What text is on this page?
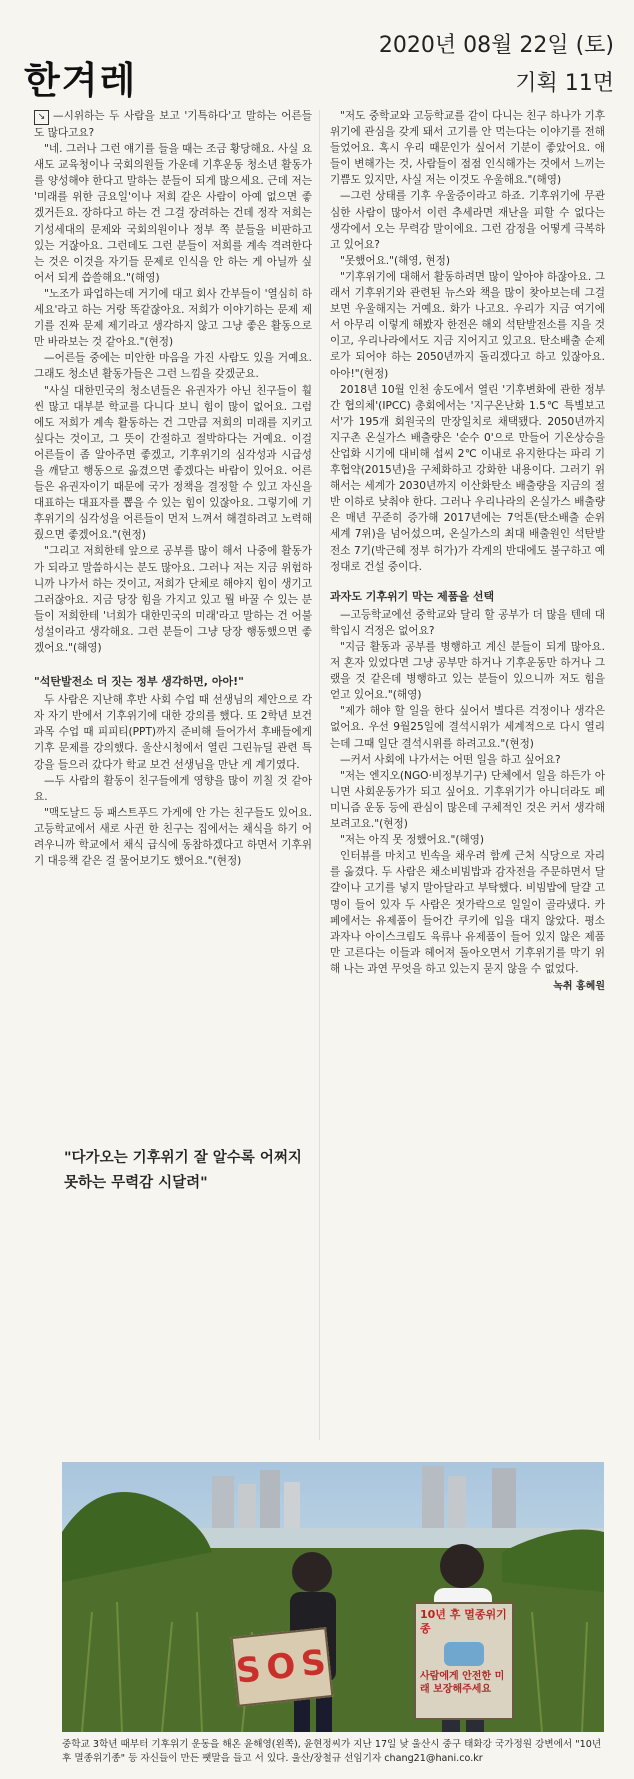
한겨레
2020년 08월 22일 (토)
기획 11면

↘ —시위하는 두 사람을 보고 '기특하다'고 말하는 어른들도 많다고요?

"네. 그러나 그런 얘기를 들을 때는 조금 황당해요. 사실 요새도 교육청이나 국회의원들 가운데 기후운동 청소년 활동가를 양성해야 한다고 말하는 분들이 되게 많으세요. 근데 저는 '미래를 위한 금요일'이나 저희 같은 사람이 아예 없으면 좋겠거든요. 장하다고 하는 건 그걸 장려하는 건데 정작 저희는 기성세대의 문제와 국회의원이나 정부 쪽 분들을 비판하고 있는 거잖아요. 그런데도 그런 분들이 저희를 계속 격려한다는 것은 이것을 자기들 문제로 인식을 안 하는 게 아닐까 싶어서 되게 씁쓸해요."(해영)

"노조가 파업하는데 거기에 대고 회사 간부들이 '열심히 하세요'라고 하는 거랑 똑같잖아요. 저희가 이야기하는 문제 제기를 진짜 문제 제기라고 생각하지 않고 그냥 좋은 활동으로만 바라보는 것 같아요."(현정)

—어른들 중에는 미안한 마음을 가진 사람도 있을 거예요. 그래도 청소년 활동가들은 그런 느낌을 갖겠군요.

"사실 대한민국의 청소년들은 유권자가 아닌 친구들이 훨씬 많고 대부분 학교를 다니다 보니 힘이 많이 없어요. 그럼에도 저희가 계속 활동하는 건 그만큼 저희의 미래를 지키고 싶다는 것이고, 그 뜻이 간절하고 절박하다는 거예요. 이걸 어른들이 좀 알아주면 좋겠고, 기후위기의 심각성과 시급성을 깨닫고 행동으로 옮겼으면 좋겠다는 바람이 있어요. 어른들은 유권자이기 때문에 국가 정책을 결정할 수 있고 자신을 대표하는 대표자를 뽑을 수 있는 힘이 있잖아요. 그렇기에 기후위기의 심각성을 어른들이 먼저 느껴서 해결하려고 노력해줬으면 좋겠어요."(현정)

"그리고 저희한테 앞으로 공부를 많이 해서 나중에 활동가가 되라고 말씀하시는 분도 많아요. 그러나 저는 지금 위험하니까 나가서 하는 것이고, 저희가 단체로 해야지 힘이 생기고 그러잖아요. 지금 당장 힘을 가지고 있고 뭘 바꿀 수 있는 분들이 저희한테 '너희가 대한민국의 미래'라고 말하는 건 어불성설이라고 생각해요. 그런 분들이 그냥 당장 행동했으면 좋겠어요."(해영)

"석탄발전소 더 짓는 정부 생각하면, 아아!"

두 사람은 지난해 후반 사회 수업 때 선생님의 제안으로 각자 자기 반에서 기후위기에 대한 강의를 했다. 또 2학년 보건 과목 수업 때 피피티(PPT)까지 준비해 들어가서 후배들에게 기후 문제를 강의했다. 울산시청에서 열린 그린뉴딜 관련 특강을 들으러 갔다가 학교 보건 선생님을 만난 게 계기였다.

—두 사람의 활동이 친구들에게 영향을 많이 끼칠 것 같아요.

"맥도날드 등 패스트푸드 가게에 안 가는 친구들도 있어요. 고등학교에서 새로 사귄 한 친구는 집에서는 채식을 하기 어려우니까 학교에서 채식 급식에 동참하겠다고 하면서 기후위기 대응책 같은 걸 물어보기도 했어요."(현정)

"다가오는 기후위기 잘 알수록 어쩌지 못하는 무력감 시달려"

"저도 중학교와 고등학교를 같이 다니는 친구 하나가 기후위기에 관심을 갖게 돼서 고기를 안 먹는다는 이야기를 전해 들었어요. 혹시 우리 때문인가 싶어서 기분이 좋았어요. 애들이 변해가는 것, 사람들이 점점 인식해가는 것에서 느끼는 기쁨도 있지만, 사실 저는 이것도 우울해요."(해영)

—그런 상태를 기후 우울증이라고 하죠. 기후위기에 무관심한 사람이 많아서 이런 추세라면 재난을 피할 수 없다는 생각에서 오는 무력감 말이에요. 그런 감정을 어떻게 극복하고 있어요?

"못했어요."(해영, 현정)

"기후위기에 대해서 활동하려면 많이 알아야 하잖아요. 그래서 기후위기와 관련된 뉴스와 책을 많이 찾아보는데 그걸 보면 우울해지는 거예요. 화가 나고요. 우리가 지금 여기에서 아무리 이렇게 해봤자 한전은 해외 석탄발전소를 지을 것이고, 우리나라에서도 지금 지어지고 있고요. 탄소배출 순제로가 되어야 하는 2050년까지 돌리겠다고 하고 있잖아요. 아아!"(현정)

2018년 10월 인천 송도에서 열린 '기후변화에 관한 정부 간 협의체'(IPCC) 총회에서는 '지구온난화 1.5℃ 특별보고서'가 195개 회원국의 만장일치로 채택됐다. 2050년까지 지구촌 온실가스 배출량은 '순수 0'으로 만들어 기온상승을 산업화 시기에 대비해 섭씨 2℃ 이내로 유지한다는 파리 기후협약(2015년)을 구체화하고 강화한 내용이다. 그러기 위해서는 세계가 2030년까지 이산화탄소 배출량을 지금의 절반 이하로 낮춰야 한다. 그러나 우리나라의 온실가스 배출량은 매년 꾸준히 증가해 2017년에는 7억톤(탄소배출 순위 세계 7위)을 넘어섰으며, 온실가스의 최대 배출원인 석탄발전소 7기(박근혜 정부 허가)가 각계의 반대에도 불구하고 예정대로 건설 중이다.

과자도 기후위기 막는 제품을 선택

—고등학교에선 중학교와 달리 할 공부가 더 많을 텐데 대학입시 걱정은 없어요?

"지금 활동과 공부를 병행하고 계신 분들이 되게 많아요. 저 혼자 있었다면 그냥 공부만 하거나 기후운동만 하거나 그랬을 것 같은데 병행하고 있는 분들이 있으니까 저도 힘을 얻고 있어요."(해영)

"제가 해야 할 일을 한다 싶어서 별다른 걱정이나 생각은 없어요. 우선 9월25일에 결석시위가 세계적으로 다시 열리는데 그때 일단 결석시위를 하려고요."(현정)

—커서 사회에 나가서는 어떤 일을 하고 싶어요?

"저는 엔지오(NGO·비정부기구) 단체에서 일을 하든가 아니면 사회운동가가 되고 싶어요. 기후위기가 아니더라도 페미니즘 운동 등에 관심이 많은데 구체적인 것은 커서 생각해보려고요."(현정)

"저는 아직 못 정했어요."(해영)

인터뷰를 마치고 빈속을 채우려 함께 근처 식당으로 자리를 옮겼다. 두 사람은 채소비빔밥과 감자전을 주문하면서 달걀이나 고기를 넣지 말아달라고 부탁했다. 비빔밥에 달걀 고명이 들어 있자 두 사람은 젓가락으로 일일이 골라냈다. 카페에서는 유제품이 들어간 쿠키에 입을 대지 않았다. 평소 과자나 아이스크림도 육류나 유제품이 들어 있지 않은 제품만 고른다는 이들과 헤어져 돌아오면서 기후위기를 막기 위해 나는 과연 무엇을 하고 있는지 묻지 않을 수 없었다.

녹취 홍혜원

SOS
10년 후 멸종위기종
사람에게 안전한 미래 보장해주세요
중학교 3학년 때부터 기후위기 운동을 해온 윤해영(왼쪽), 윤현정씨가 지난 17일 낮 울산시 중구 태화강 국가정원 강변에서 "10년 후 멸종위기종" 등 자신들이 만든 팻말을 들고 서 있다. 울산/장철규 선임기자 chang21@hani.co.kr
